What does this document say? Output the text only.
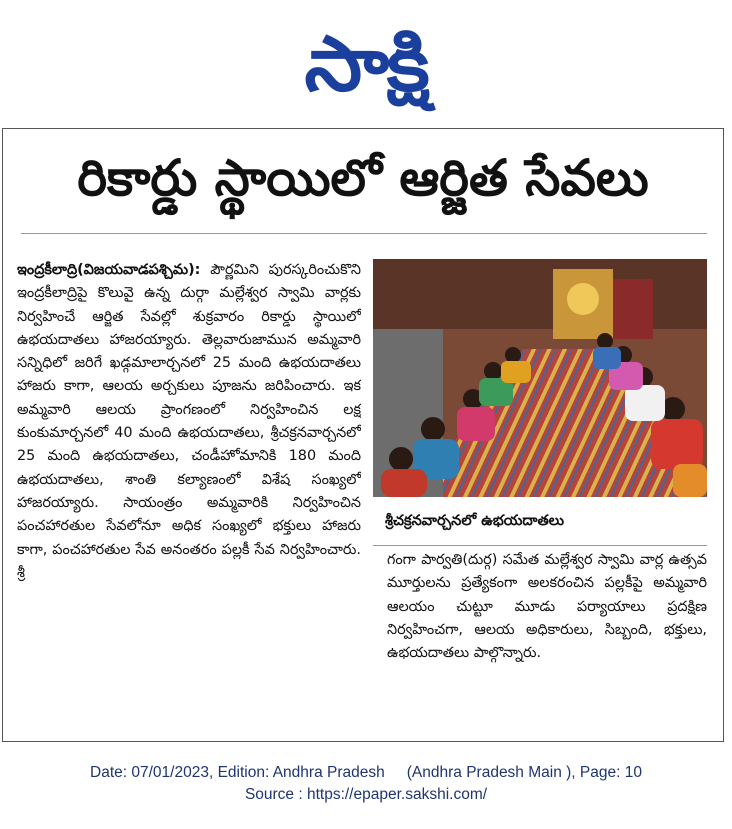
సాక్షి
రికార్డు స్థాయిలో ఆర్జిత సేవలు
ఇంద్రకీలాద్రి(విజయవాడపశ్చిమ): పౌర్ణమిని పురస్కరించుకొని ఇంద్రకీలాద్రిపై కొలువై ఉన్న దుర్గా మల్లేశ్వర స్వామి వార్లకు నిర్వహించే ఆర్జిత సేవల్లో శుక్రవారం రికార్డు స్థాయిలో ఉభయదాతలు హాజరయ్యారు. తెల్లవారుజామున అమ్మవారి సన్నిధిలో జరిగే ఖడ్గమాలార్చనలో 25 మంది ఉభయదాతలు హాజరు కాగా, ఆలయ అర్చకులు పూజను జరిపించారు. ఇక అమ్మవారి ఆలయ ప్రాంగణంలో నిర్వహించిన లక్ష కుంకుమార్చనలో 40 మంది ఉభయదాతలు, శ్రీచక్రనవార్చనలో 25 మంది ఉభయదాతలు, చండీహోమానికి 180 మంది ఉభయదాతలు, శాంతి కల్యాణంలో విశేష సంఖ్యలో హాజరయ్యారు. సాయంత్రం అమ్మవారికి నిర్వహించిన పంచహారతుల సేవలోనూ అధిక సంఖ్యలో భక్తులు హాజరు కాగా, పంచహారతుల సేవ అనంతరం పల్లకీ సేవ నిర్వహించారు. శ్రీ
శ్రీచక్రనవార్చనలో ఉభయదాతలు
గంగా పార్వతి(దుర్గ) సమేత మల్లేశ్వర స్వామి వార్ల ఉత్సవ మూర్తులను ప్రత్యేకంగా అలకరంచిన పల్లకీపై అమ్మవారి ఆలయం చుట్టూ మూడు పర్యాయాలు ప్రదక్షిణ నిర్వహించగా, ఆలయ అధికారులు, సిబ్బంది, భక్తులు, ఉభయదాతలు పాల్గొన్నారు.
Date: 07/01/2023, Edition: Andhra Pradesh (Andhra Pradesh Main ), Page: 10
Source : https://epaper.sakshi.com/
